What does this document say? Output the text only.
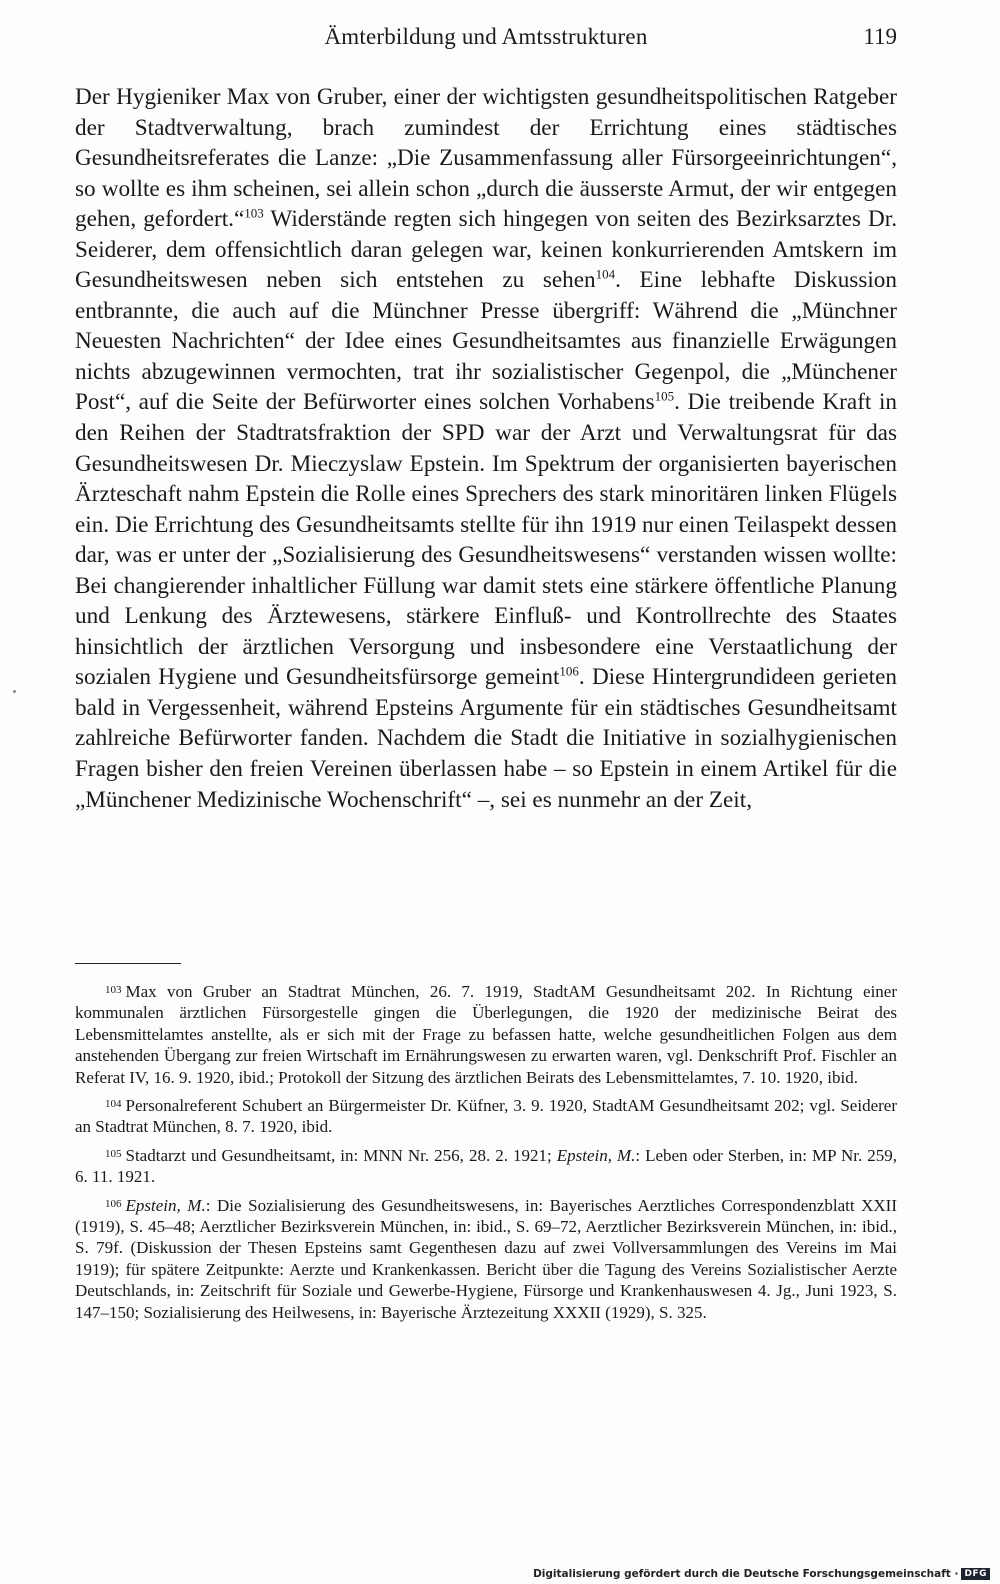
Ämterbildung und Amtsstrukturen	119

Der Hygieniker Max von Gruber, einer der wichtigsten gesundheitspolitischen Ratgeber der Stadtverwaltung, brach zumindest der Errichtung eines städtisches Gesundheitsreferates die Lanze: „Die Zusammenfassung aller Fürsorgeeinrichtungen“, so wollte es ihm scheinen, sei allein schon „durch die äusserste Armut, der wir entgegen gehen, gefordert.“$^{103}$ Widerstände regten sich hingegen von seiten des Bezirksarztes Dr. Seiderer, dem offensichtlich daran gelegen war, keinen konkurrierenden Amtskern im Gesundheitswesen neben sich entstehen zu sehen$^{104}$. Eine lebhafte Diskussion entbrannte, die auch auf die Münchner Presse übergriff: Während die „Münchner Neuesten Nachrichten“ der Idee eines Gesundheitsamtes aus finanzielle Erwägungen nichts abzugewinnen vermochten, trat ihr sozialistischer Gegenpol, die „Münchener Post“, auf die Seite der Befürworter eines solchen Vorhabens$^{105}$. Die treibende Kraft in den Reihen der Stadtratsfraktion der SPD war der Arzt und Verwaltungsrat für das Gesundheitswesen Dr. Mieczyslaw Epstein. Im Spektrum der organisierten bayerischen Ärzteschaft nahm Epstein die Rolle eines Sprechers des stark minoritären linken Flügels ein. Die Errichtung des Gesundheitsamts stellte für ihn 1919 nur einen Teilaspekt dessen dar, was er unter der „Sozialisierung des Gesundheitswesens“ verstanden wissen wollte: Bei changierender inhaltlicher Füllung war damit stets eine stärkere öffentliche Planung und Lenkung des Ärztewesens, stärkere Einfluß- und Kontrollrechte des Staates hinsichtlich der ärztlichen Versorgung und insbesondere eine Verstaatlichung der sozialen Hygiene und Gesundheitsfürsorge gemeint$^{106}$. Diese Hintergrundideen gerieten bald in Vergessenheit, während Epsteins Argumente für ein städtisches Gesundheitsamt zahlreiche Befürworter fanden. Nachdem die Stadt die Initiative in sozialhygienischen Fragen bisher den freien Vereinen überlassen habe – so Epstein in einem Artikel für die „Münchener Medizinische Wochenschrift“ –, sei es nunmehr an der Zeit,

$^{103}$ Max von Gruber an Stadtrat München, 26. 7. 1919, StadtAM Gesundheitsamt 202. In Richtung einer kommunalen ärztlichen Fürsorgestelle gingen die Überlegungen, die 1920 der medizinische Beirat des Lebensmittelamtes anstellte, als er sich mit der Frage zu befassen hatte, welche gesundheitlichen Folgen aus dem anstehenden Übergang zur freien Wirtschaft im Ernährungswesen zu erwarten waren, vgl. Denkschrift Prof. Fischler an Referat IV, 16. 9. 1920, ibid.; Protokoll der Sitzung des ärztlichen Beirats des Lebensmittelamtes, 7. 10. 1920, ibid.

$^{104}$ Personalreferent Schubert an Bürgermeister Dr. Küfner, 3. 9. 1920, StadtAM Gesundheitsamt 202; vgl. Seiderer an Stadtrat München, 8. 7. 1920, ibid.

$^{105}$ Stadtarzt und Gesundheitsamt, in: MNN Nr. 256, 28. 2. 1921; Epstein, M.: Leben oder Sterben, in: MP Nr. 259, 6. 11. 1921.

$^{106}$ Epstein, M.: Die Sozialisierung des Gesundheitswesens, in: Bayerisches Aerztliches Correspondenzblatt XXII (1919), S. 45–48; Aerztlicher Bezirksverein München, in: ibid., S. 69–72, Aerztlicher Bezirksverein München, in: ibid., S. 79f. (Diskussion der Thesen Epsteins samt Gegenthesen dazu auf zwei Vollversammlungen des Vereins im Mai 1919); für spätere Zeitpunkte: Aerzte und Krankenkassen. Bericht über die Tagung des Vereins Sozialistischer Aerzte Deutschlands, in: Zeitschrift für Soziale und Gewerbe-Hygiene, Fürsorge und Krankenhauswesen 4. Jg., Juni 1923, S. 147–150; Sozialisierung des Heilwesens, in: Bayerische Ärztezeitung XXXII (1929), S. 325.

Digitalisierung gefördert durch die Deutsche Forschungsgemeinschaft · DFG
